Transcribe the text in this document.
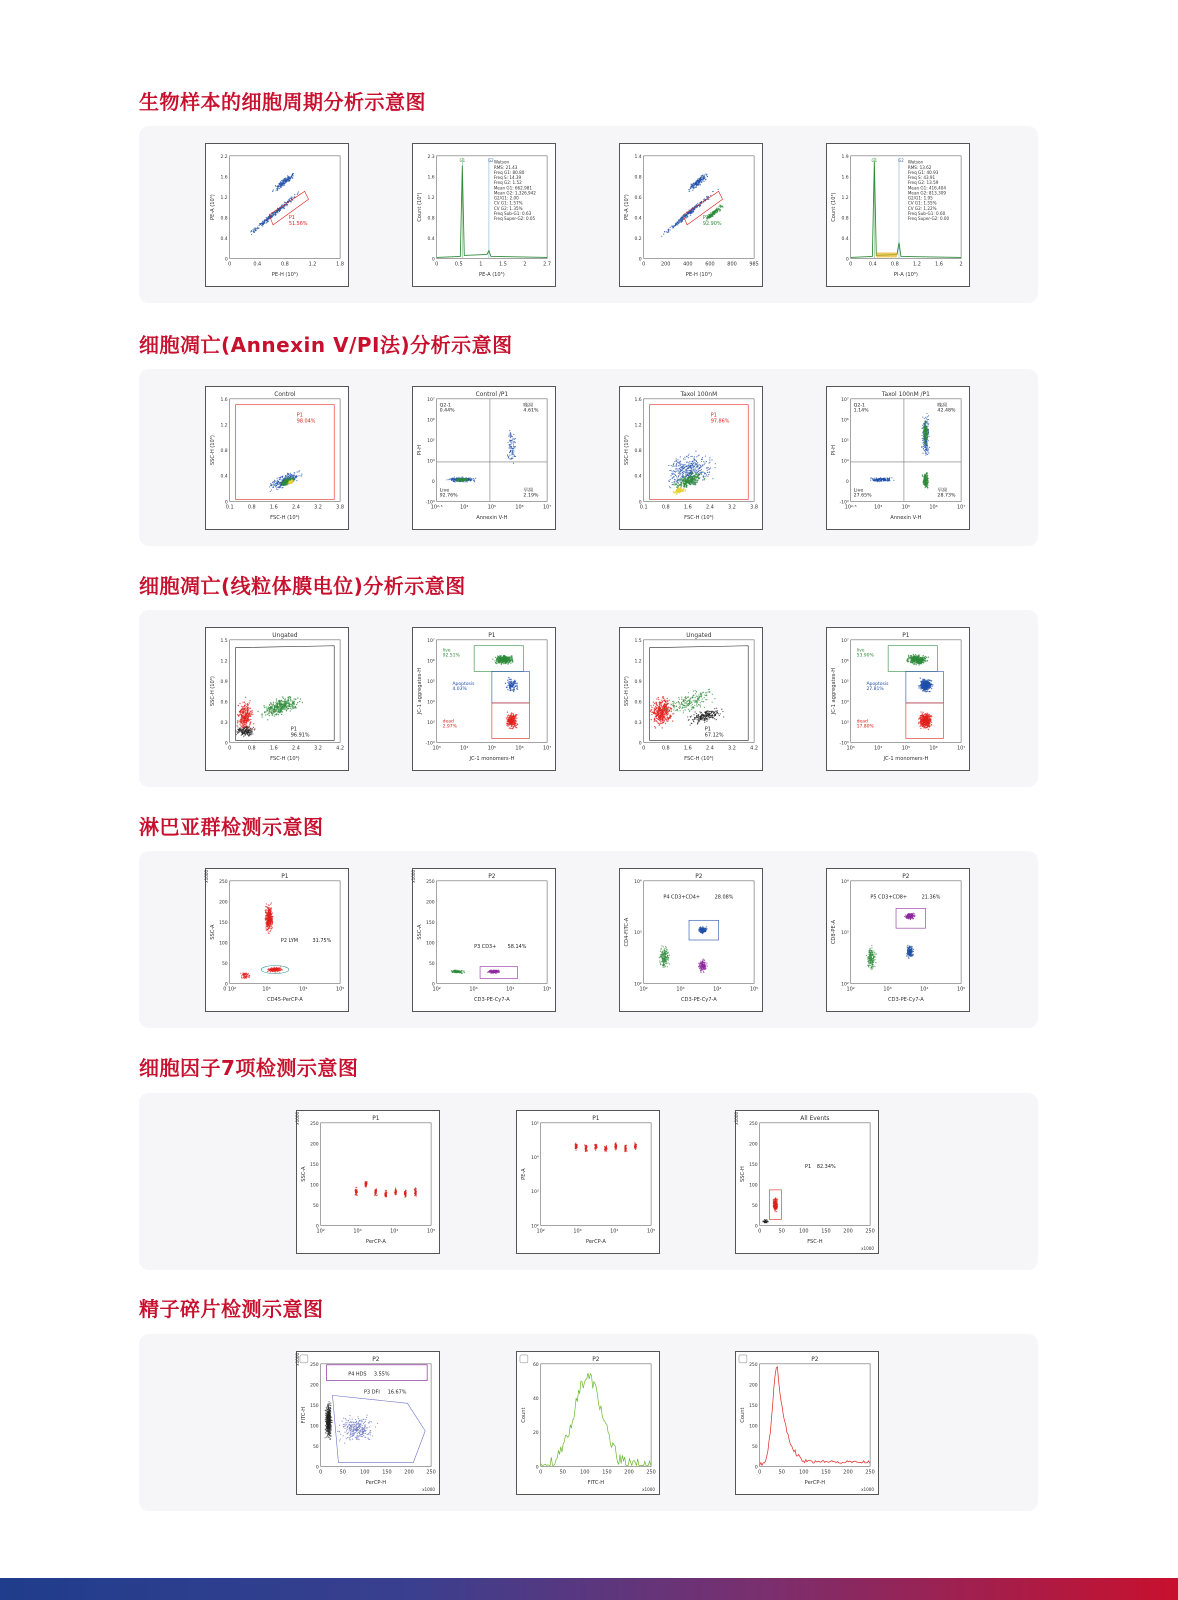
生物样本的细胞周期分析示意图
细胞凋亡(Annexin V/PI法)分析示意图
细胞凋亡(线粒体膜电位)分析示意图
淋巴亚群检测示意图
细胞因子7项检测示意图
精子碎片检测示意图
0	0.4	0.8	1.2	1.8
0
0.4
0.8
1.2
1.6
2.2
PE-H (10⁵)
PE-A (10⁵)	P1
51.56%
0	0.5	1	1.5	2	2.7
0
0.4
0.8
1.2
1.6
2.3
PE-A (10⁵)
Count (10³)
G1	G2 Watson
RMS: 21.43
Freq G1: 80.80
Freq S: 14.39
Freq G2: 1.52
Mean G1: 662,981
Mean G2: 1,326,942
G2/G1: 2.00
CV G1: 1.57%
CV G2: 1.35%
Freq Sub-G1: 0.63
Freq Super-G2: 0.05
0	200	400	600	800	985
0
0.2
0.4
0.6
0.8
1.4
PE-H (10³)
PE-A (10⁵)	P1
92.90%
0	0.4	0.8	1.2	1.6	2
0
0.4
0.8
1.2
1.6
1.9
PI-A (10⁵)
Count (10³)
G1	G2 Watson
RMS: 13.62
Freq G1: 40.93
Freq S: 43.91
Freq G2: 13.59
Mean G1: 416,404
Mean G2: 813,309
G2/G1: 1.95
CV G1: 1.55%
CV G2: 1.22%
Freq Sub-G1: 0.60
Freq Super-G2: 0.00
Control
0.1	0.8	1.6	2.4	3.2	3.8
0
0.4
0.8
1.2
1.6
FSC-H (10⁶)
SSC-H (10⁶)
P1
98.04%
Control /P1
10²·⁵	10⁴	10⁵	10⁶	10⁷
-10⁴
0
10⁴
10⁵
10⁶
10⁷
Annexin V-H
PI-H
Q2-1
0.44%
晚凋
4.61%
Live
92.76%
早凋
2.19%
Taxol 100nM
0.1	0.8	1.6	2.4	3.2	3.8
0
0.4
0.8
1.2
1.6
FSC-H (10⁶)
SSC-H (10⁶)
P1
97.86%
Taxol 100nM /P1
10²·⁵	10⁴	10⁵	10⁶	10⁷
-10⁴
0
10⁴
10⁵
10⁶
10⁷
Annexin V-H
PI-H
Q2-1
1.14%
晚凋
42.48%
Live
27.65%
早凋
28.73%
Ungated
0	0.8	1.6	2.4	3.2	4.2
0
0.3
0.6
0.9
1.2
1.5
FSC-H (10⁶)
SSC-H (10⁶)
P1
96.91%
P1
10³	10⁴	10⁵	10⁶	10⁷
-10³
10³
10⁴
10⁵
10⁶
10⁷
JC-1 monomers-H
JC-1 aggregates-H
live
92.51%
Apoptosis
4.03%
dead
2.97%
Ungated
0	0.8	1.6	2.4	3.2	4.2
0
0.3
0.6
0.9
1.2
1.5
FSC-H (10⁶)
SSC-H (10⁶)
P1
67.12%
P1
10³	10⁴	10⁵	10⁶	10⁷
-10³
10³
10⁴
10⁵
10⁶
10⁷
JC-1 monomers-H
JC-1 aggregates-H
live
53.90%
Apoptosis
27.81%
dead
17.80%
P1
0 10²	10³	10⁴	10⁵
0
50
100
150
200
250
CD45-PerCP-A
SSC-A
x1000
P2 LYM	31.75%
P2
10²	10³	10⁴	10⁵
0
50
100
150
200
250
CD3-PE-Cy7-A
SSC-A
x1000
P3 CD3+ 58.14%
P2
10²	10³	10⁴	10⁵
10²
10³
10⁴
CD3-PE-Cy7-A
CD4-FITC-A
P4 CD3+CD4+	28.08%
P2
10²	10³	10⁴	10⁵
10²
10³
10⁴
CD3-PE-Cy7-A
CD8-PE-A
P5 CD3+CD8+	21.36%
P1
10²	10³	10⁴	10⁵
0
50
100
150
200
250
PerCP-A
SSC-A
x1000	P1
10²	10³	10⁴	10⁵
10²
10³
10⁴
10⁵
PerCP-A
PE-A
All Events
0	50	100	150	200	250
0
50
100
150
200
250
FSC-H
SSC-H
x1000
x1000
P1 82.34%
P2
0	50	100	150	200	250
0
50
100
150
200
250
PerCP-H
FITC-H
x1000
x1000
P4 HDS 3.55%
P3 DFI 16.67%
P2
0	50	100	150	200	250
0
20
40
60
FITC-H
Count
x1000
P2
0	50	100	150	200	250
0
50
100
150
200
250
PerCP-H
Count
x1000
